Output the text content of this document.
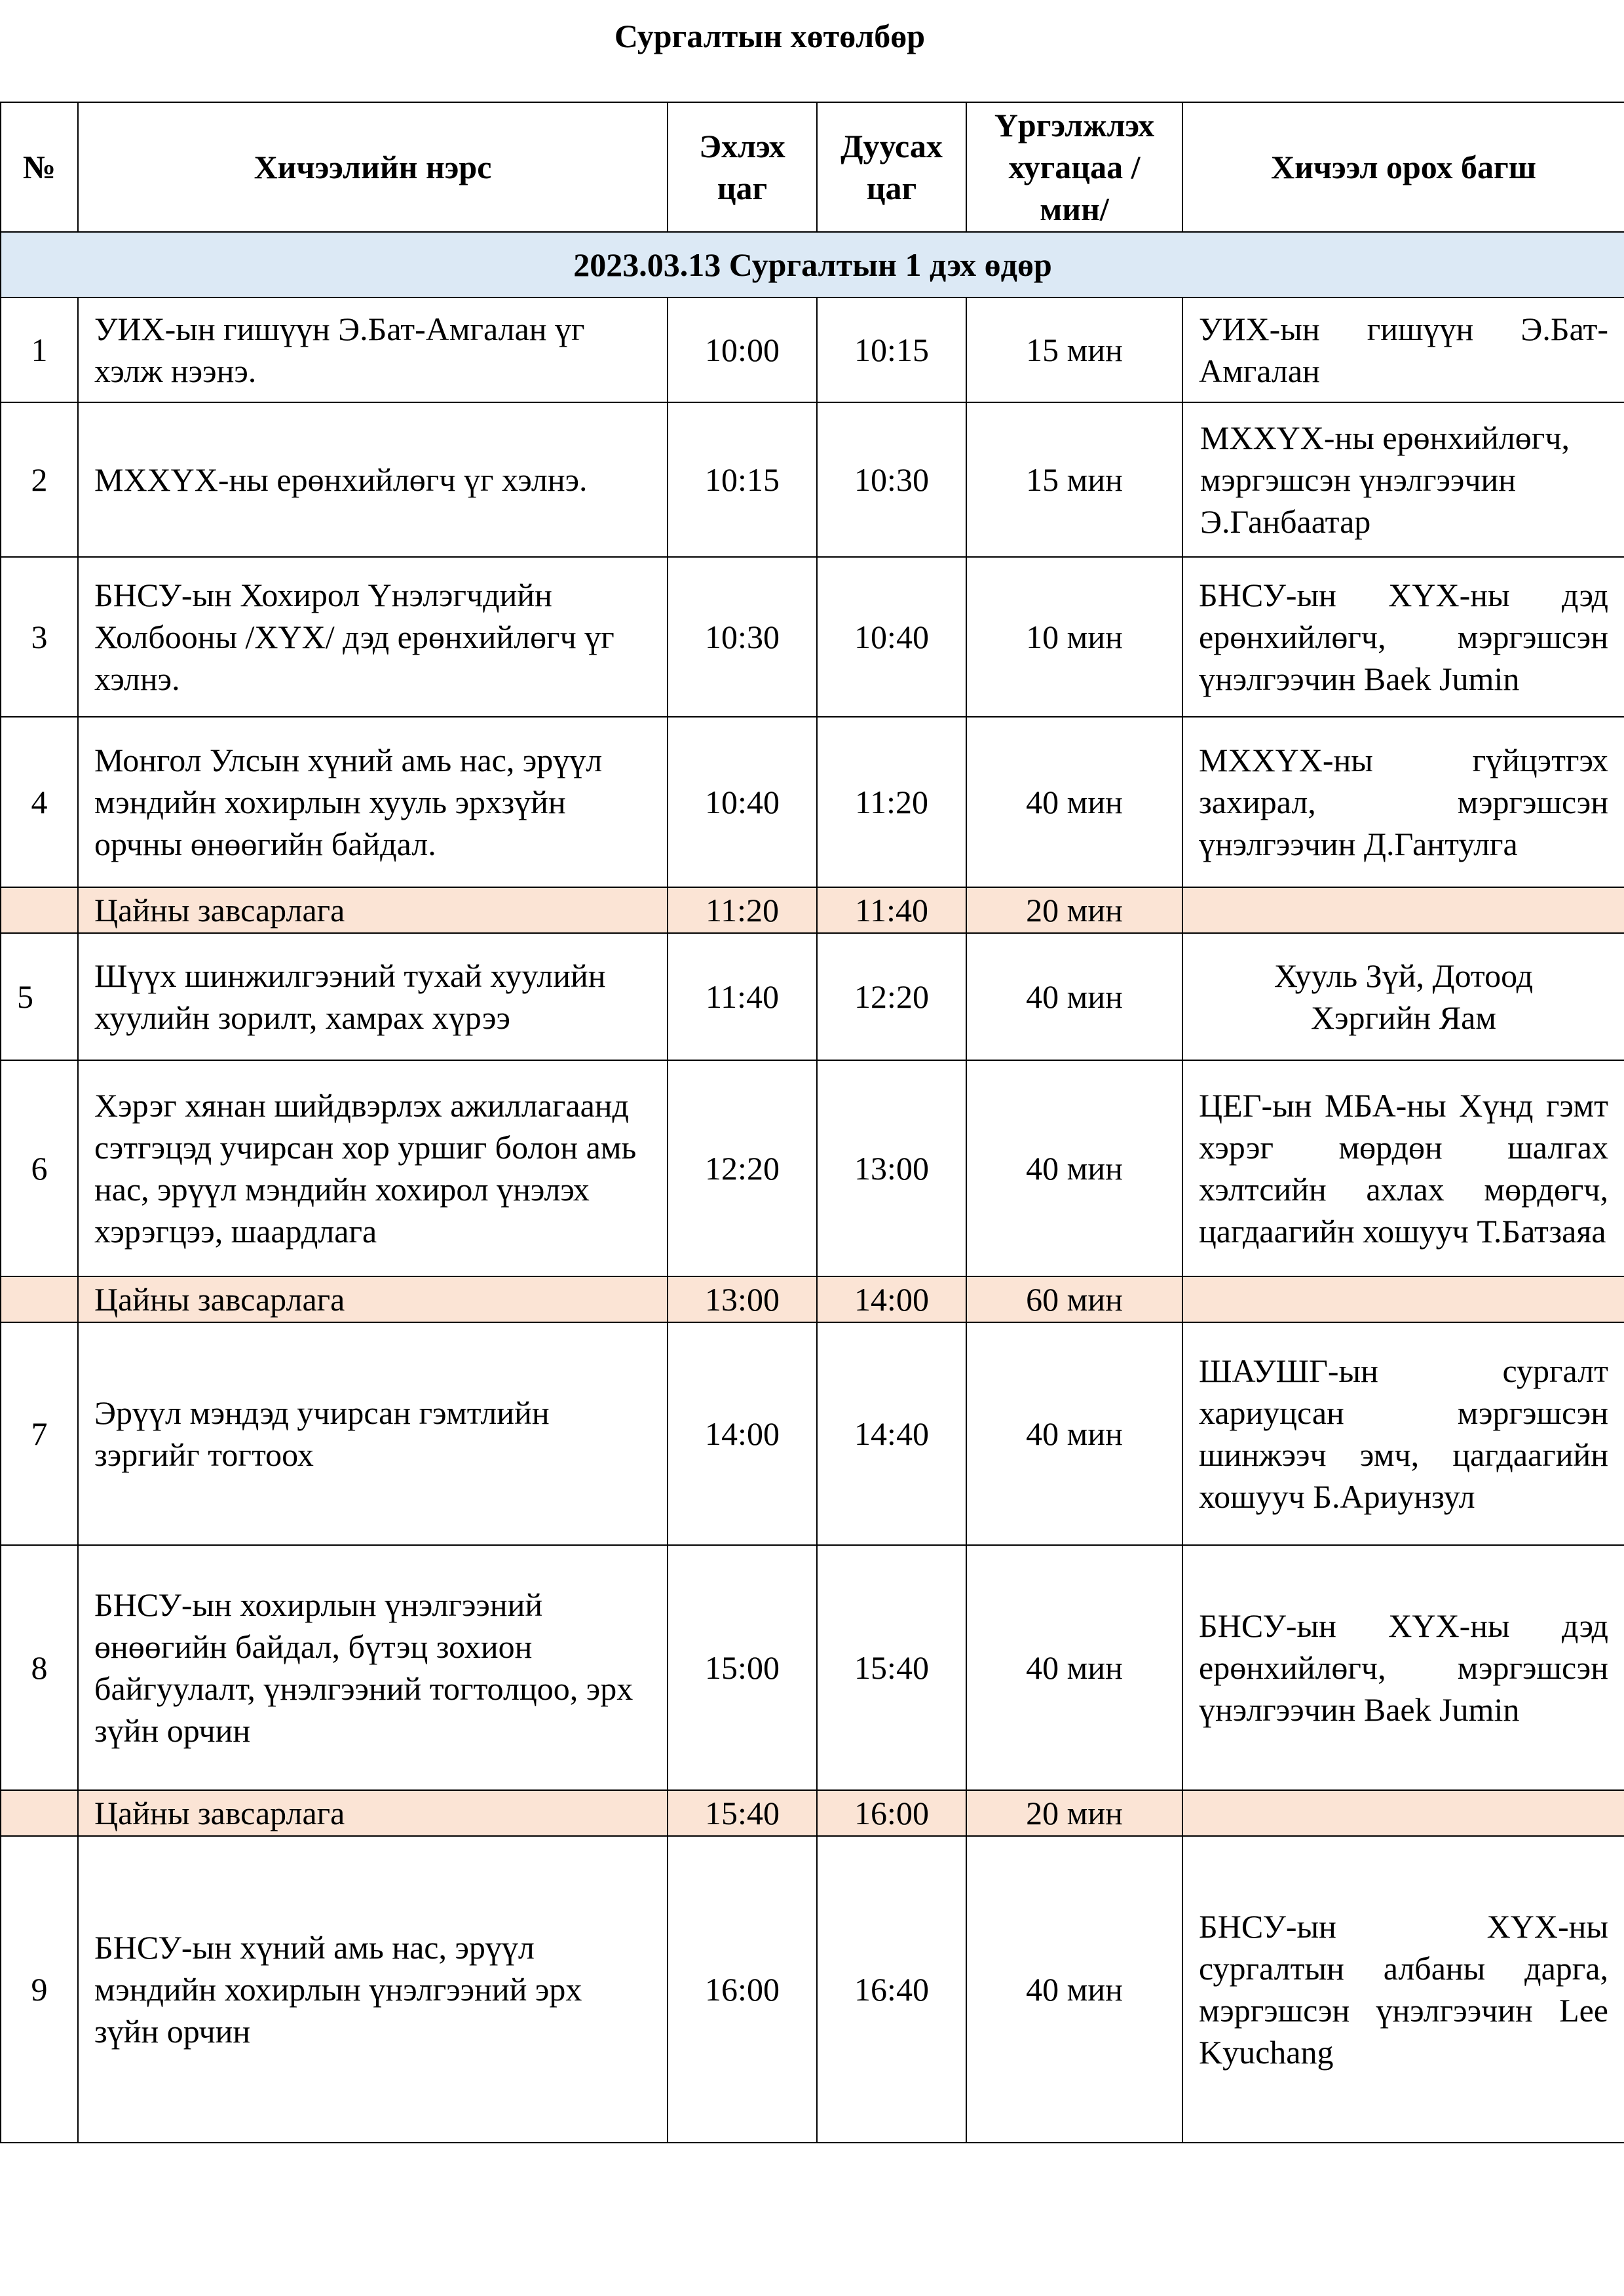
Сургалтын хөтөлбөр
№	Хичээлийн нэрс	Эхлэх цаг	Дуусах цаг	Үргэлжлэх хугацаа /мин/	Хичээл орох багш
2023.03.13 Сургалтын 1 дэх өдөр					
1	УИХ-ын гишүүн Э.Бат-Амгалан үг хэлж нээнэ.	10:00	10:15	15 мин	УИХ-ын гишүүн Э.Бат-Амгалан
2	МХХҮХ-ны ерөнхийлөгч үг хэлнэ.	10:15	10:30	15 мин	МХХҮХ-ны ерөнхийлөгч, мэргэшсэн үнэлгээчин Э.Ганбаатар
3	БНСУ-ын Хохирол Үнэлэгчдийн Холбооны /ХҮХ/ дэд ерөнхийлөгч үг хэлнэ.	10:30	10:40	10 мин	БНСУ-ын ХҮХ-ны дэд ерөнхийлөгч, мэргэшсэн үнэлгээчин Baek Jumin
4	Монгол Улсын хүний амь нас, эрүүл мэндийн хохирлын хууль эрхзүйн орчны өнөөгийн байдал.	10:40	11:20	40 мин	МХХҮХ-ны гүйцэтгэх захирал, мэргэшсэн үнэлгээчин Д.Гантулга
	Цайны завсарлага	11:20	11:40	20 мин	
5	Шүүх шинжилгээний тухай хуулийн хуулийн зорилт, хамрах хүрээ	11:40	12:20	40 мин	Хууль Зүй, Дотоод Хэргийн Яам
6	Хэрэг хянан шийдвэрлэх ажиллагаанд сэтгэцэд учирсан хор уршиг болон амь нас, эрүүл мэндийн хохирол үнэлэх хэрэгцээ, шаардлага	12:20	13:00	40 мин	ЦЕГ-ын МБА-ны Хүнд гэмт хэрэг мөрдөн шалгах хэлтсийн ахлах мөрдөгч, цагдаагийн хошууч Т.Батзаяа
	Цайны завсарлага	13:00	14:00	60 мин	
7	Эрүүл мэндэд учирсан гэмтлийн зэргийг тогтоох	14:00	14:40	40 мин	ШАУШГ-ын сургалт хариуцсан мэргэшсэн шинжээч эмч, цагдаагийн хошууч Б.Ариунзул
8	БНСУ-ын хохирлын үнэлгээний өнөөгийн байдал, бүтэц зохион байгуулалт, үнэлгээний тогтолцоо, эрх зүйн орчин	15:00	15:40	40 мин	БНСУ-ын ХҮХ-ны дэд ерөнхийлөгч, мэргэшсэн үнэлгээчин Baek Jumin
	Цайны завсарлага	15:40	16:00	20 мин	
9	БНСУ-ын хүний амь нас, эрүүл мэндийн хохирлын үнэлгээний эрх зүйн орчин	16:00	16:40	40 мин	БНСУ-ын ХҮХ-ны сургалтын албаны дарга, мэргэшсэн үнэлгээчин Lee Kyuchang
